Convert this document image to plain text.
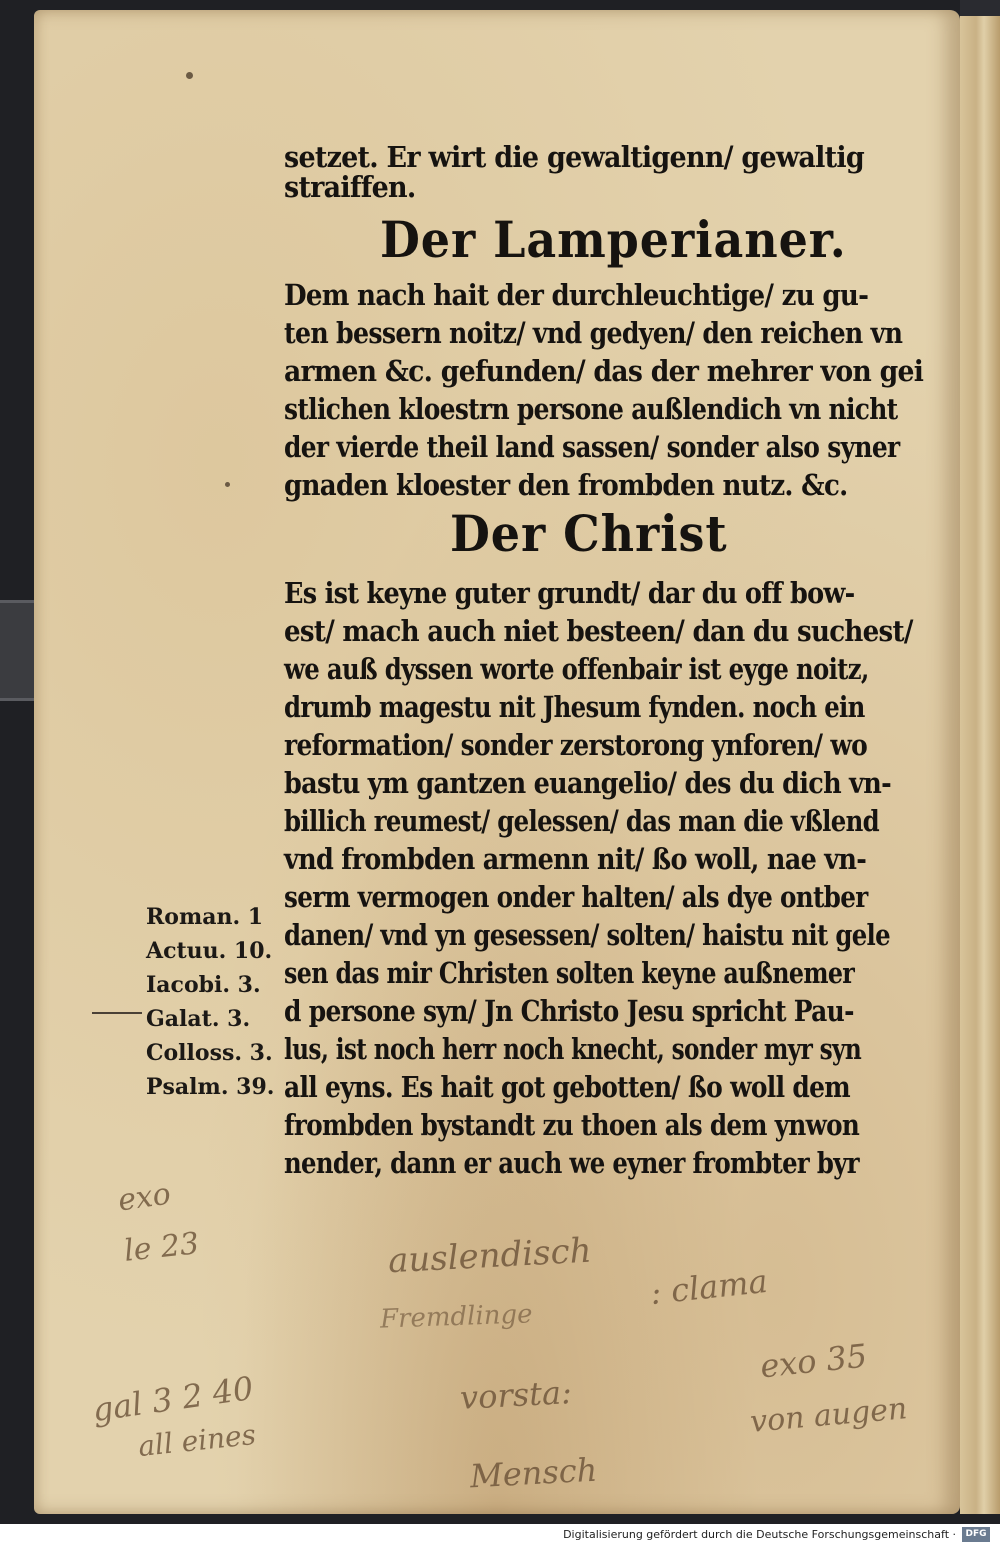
setzet. Er wirt die gewaltigenn/ gewaltig
straiffen.
Der Lamperianer.
Dem nach hait der durchleuchtige/ zu gu-
ten bessern noitz/ vnd gedyen/ den reichen vn
armen &c. gefunden/ das der mehrer von gei
stlichen kloestrn persone außlendich vn nicht
der vierde theil land sassen/ sonder also syner
gnaden kloester den frombden nutz. &c.
Der Christ
Es ist keyne guter grundt/ dar du off bow-
est/ mach auch niet besteen/ dan du suchest/
we auß dyssen worte offenbair ist eyge noitz,
drumb magestu nit Jhesum fynden. noch ein
reformation/ sonder zerstorong ynforen/ wo
bastu ym gantzen euangelio/ des du dich vn-
billich reumest/ gelessen/ das man die vßlend
vnd frombden armenn nit/ ßo woll, nae vn-
serm vermogen onder halten/ als dye ontber
danen/ vnd yn gesessen/ solten/ haistu nit gele
sen das mir Christen solten keyne außnemer
d persone syn/ Jn Christo Jesu spricht Pau-
lus, ist noch herr noch knecht, sonder myr syn
all eyns. Es hait got gebotten/ ßo woll dem
frombden bystandt zu thoen als dem ynwon
nender, dann er auch we eyner frombter byr
Roman. 1
Actuu. 10.
Iacobi. 3.
Galat. 3.
Colloss. 3.
Psalm. 39.
exo
le 23	auslendisch
: clama
Fremdlinge
exo 35
gal 3 2 40
all eines
vorsta:	von augen
Mensch
Digitalisierung gefördert durch die Deutsche Forschungsgemeinschaft ·	DFG
